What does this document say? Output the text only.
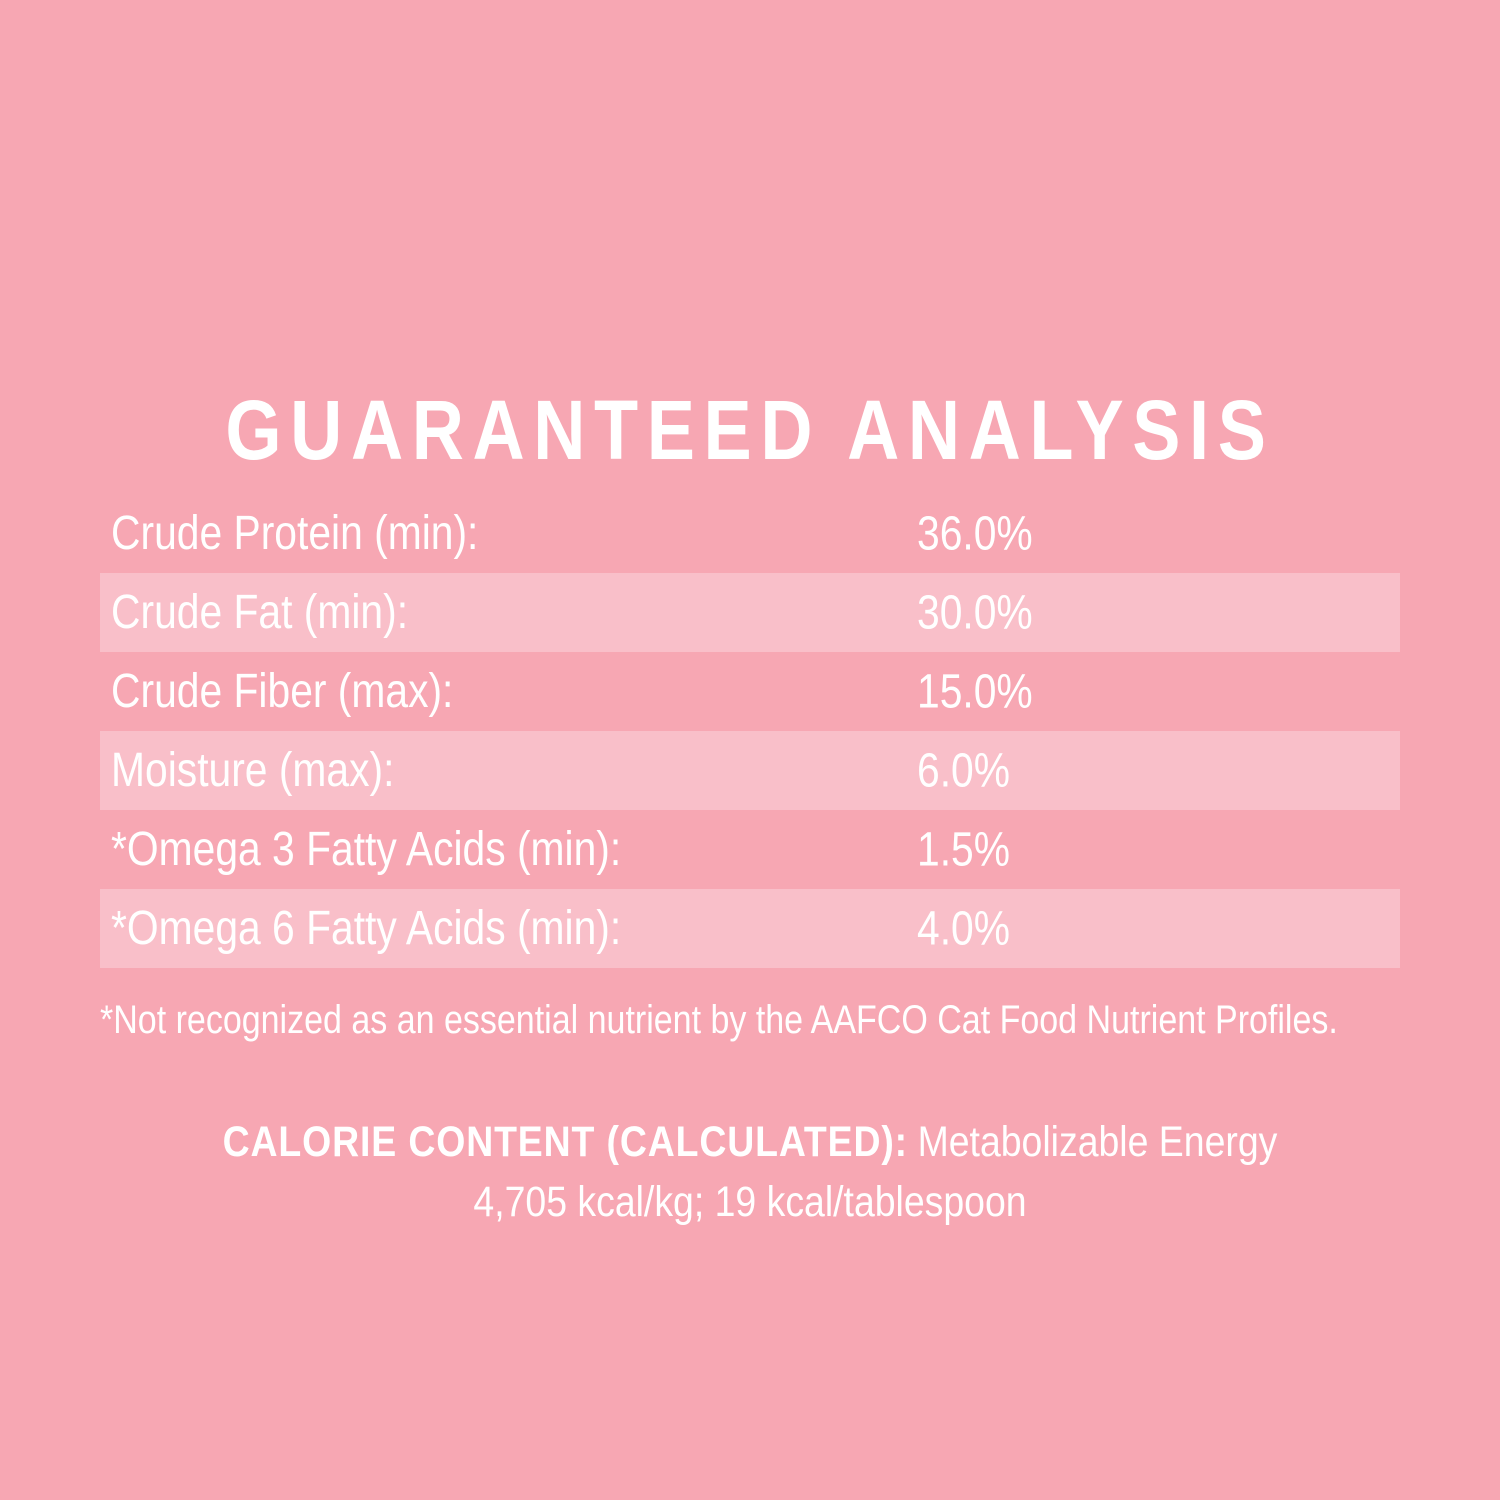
GUARANTEED ANALYSIS
Crude Protein (min):	36.0%
Crude Fat (min):	30.0%
Crude Fiber (max):	15.0%
Moisture (max):	6.0%
*Omega 3 Fatty Acids (min):	1.5%
*Omega 6 Fatty Acids (min):	4.0%
*Not recognized as an essential nutrient by the AAFCO Cat Food Nutrient Profiles.
CALORIE CONTENT (CALCULATED): Metabolizable Energy
4,705 kcal/kg; 19 kcal/tablespoon
